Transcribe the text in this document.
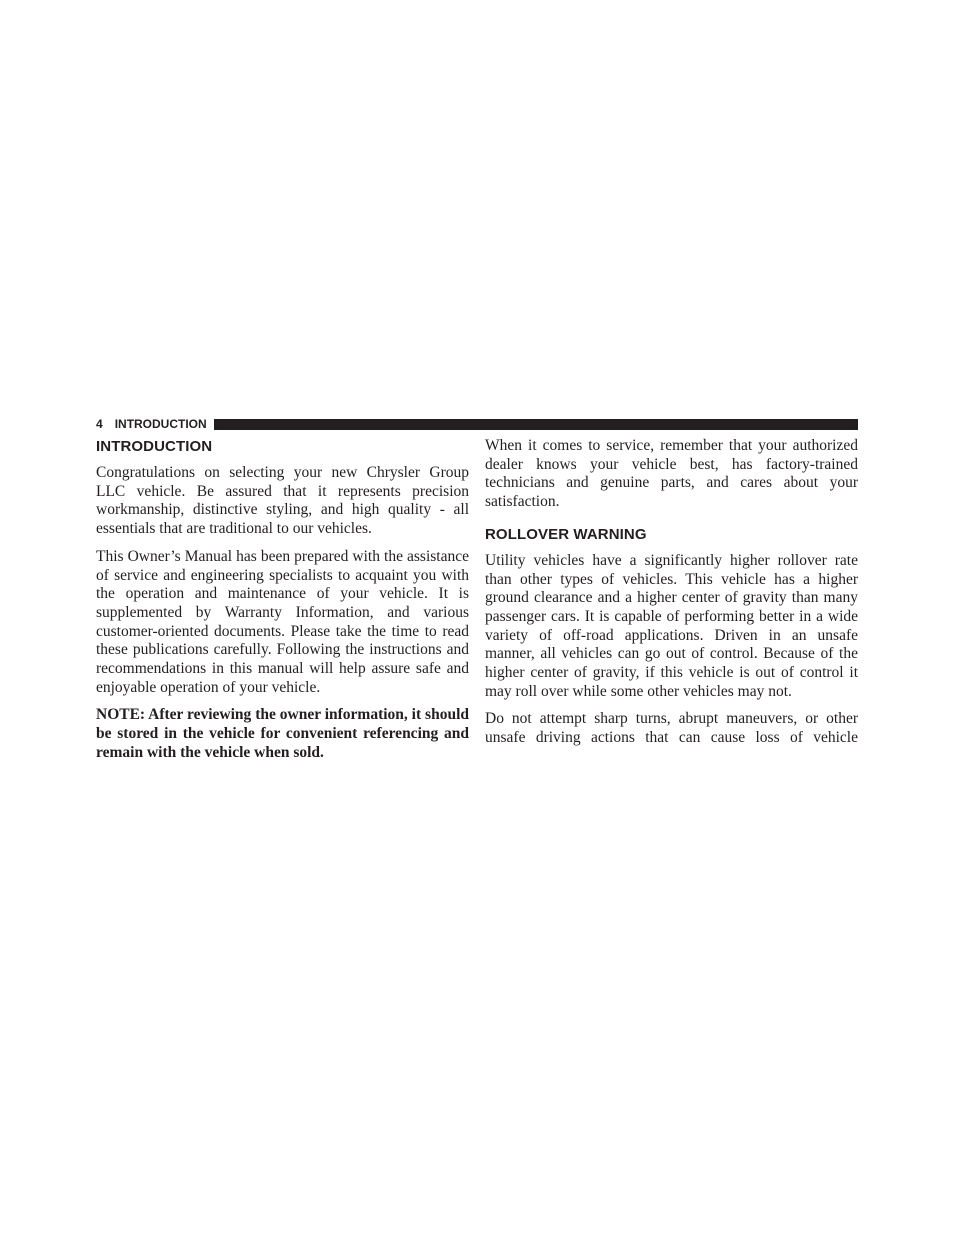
4 INTRODUCTION
INTRODUCTION

Congratulations on selecting your new Chrysler Group LLC vehicle. Be assured that it represents precision workmanship, distinctive styling, and high quality - all essentials that are traditional to our vehicles.

This Owner’s Manual has been prepared with the assistance of service and engineering specialists to acquaint you with the operation and maintenance of your vehicle. It is supplemented by Warranty Information, and various customer-oriented documents. Please take the time to read these publications carefully. Following the instructions and recommendations in this manual will help assure safe and enjoyable operation of your vehicle.

NOTE: After reviewing the owner information, it should be stored in the vehicle for convenient referencing and remain with the vehicle when sold.

When it comes to service, remember that your authorized dealer knows your vehicle best, has factory-trained technicians and genuine parts, and cares about your satisfaction.

ROLLOVER WARNING

Utility vehicles have a significantly higher rollover rate than other types of vehicles. This vehicle has a higher ground clearance and a higher center of gravity than many passenger cars. It is capable of performing better in a wide variety of off-road applications. Driven in an unsafe manner, all vehicles can go out of control. Because of the higher center of gravity, if this vehicle is out of control it may roll over while some other vehicles may not.

Do not attempt sharp turns, abrupt maneuvers, or other unsafe driving actions that can cause loss of vehicle
